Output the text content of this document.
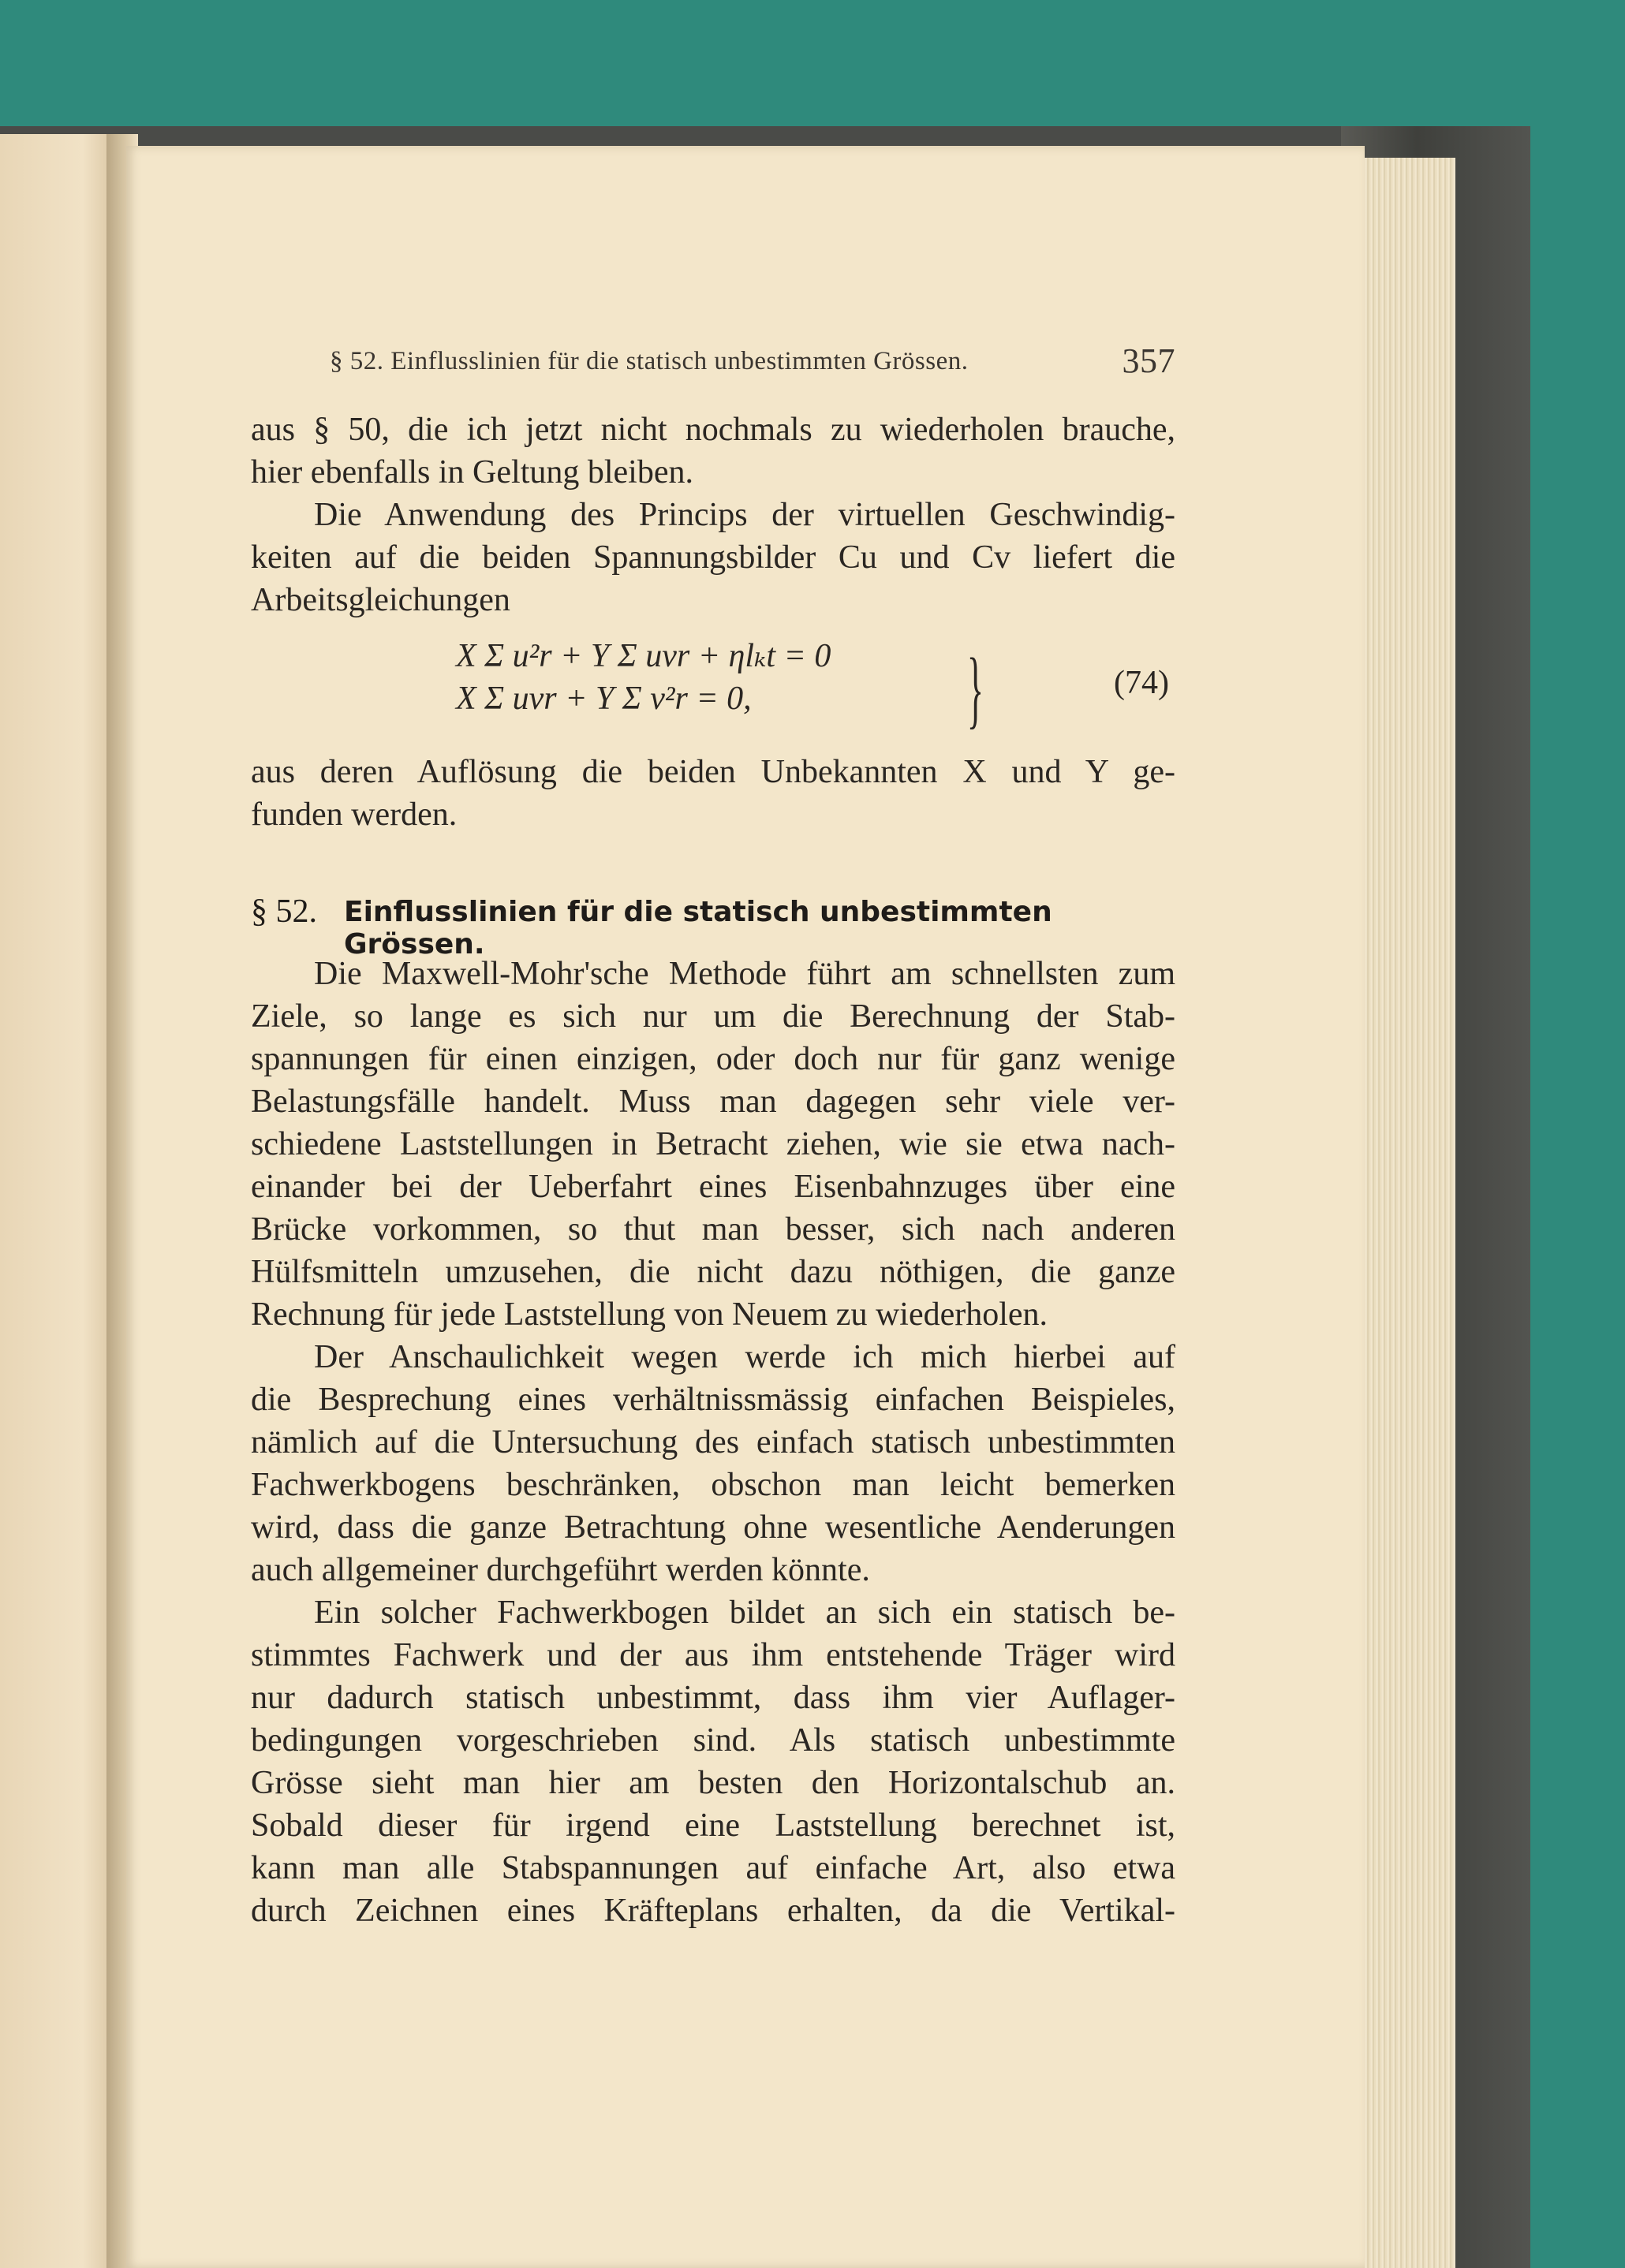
§ 52. Einflusslinien für die statisch unbestimmten Grössen.	357
aus § 50, die ich jetzt nicht nochmals zu wiederholen brauche,
hier ebenfalls in Geltung bleiben.
Die Anwendung des Princips der virtuellen Geschwindig-
keiten auf die beiden Spannungsbilder Cu und Cv liefert die
Arbeitsgleichungen
X Σ u²r + Y Σ uvr + ηlₖt = 0
X Σ uvr + Y Σ v²r = 0, }	(74)
aus deren Auflösung die beiden Unbekannten X und Y ge-
funden werden.
§ 52. Einflusslinien für die statisch unbestimmten Grössen.
Die Maxwell-Mohr'sche Methode führt am schnellsten zum
Ziele, so lange es sich nur um die Berechnung der Stab-
spannungen für einen einzigen, oder doch nur für ganz wenige
Belastungsfälle handelt. Muss man dagegen sehr viele ver-
schiedene Laststellungen in Betracht ziehen, wie sie etwa nach-
einander bei der Ueberfahrt eines Eisenbahnzuges über eine
Brücke vorkommen, so thut man besser, sich nach anderen
Hülfsmitteln umzusehen, die nicht dazu nöthigen, die ganze
Rechnung für jede Laststellung von Neuem zu wiederholen.
Der Anschaulichkeit wegen werde ich mich hierbei auf
die Besprechung eines verhältnissmässig einfachen Beispieles,
nämlich auf die Untersuchung des einfach statisch unbestimmten
Fachwerkbogens beschränken, obschon man leicht bemerken
wird, dass die ganze Betrachtung ohne wesentliche Aenderungen
auch allgemeiner durchgeführt werden könnte.
Ein solcher Fachwerkbogen bildet an sich ein statisch be-
stimmtes Fachwerk und der aus ihm entstehende Träger wird
nur dadurch statisch unbestimmt, dass ihm vier Auflager-
bedingungen vorgeschrieben sind. Als statisch unbestimmte
Grösse sieht man hier am besten den Horizontalschub an.
Sobald dieser für irgend eine Laststellung berechnet ist,
kann man alle Stabspannungen auf einfache Art, also etwa
durch Zeichnen eines Kräfteplans erhalten, da die Vertikal-
